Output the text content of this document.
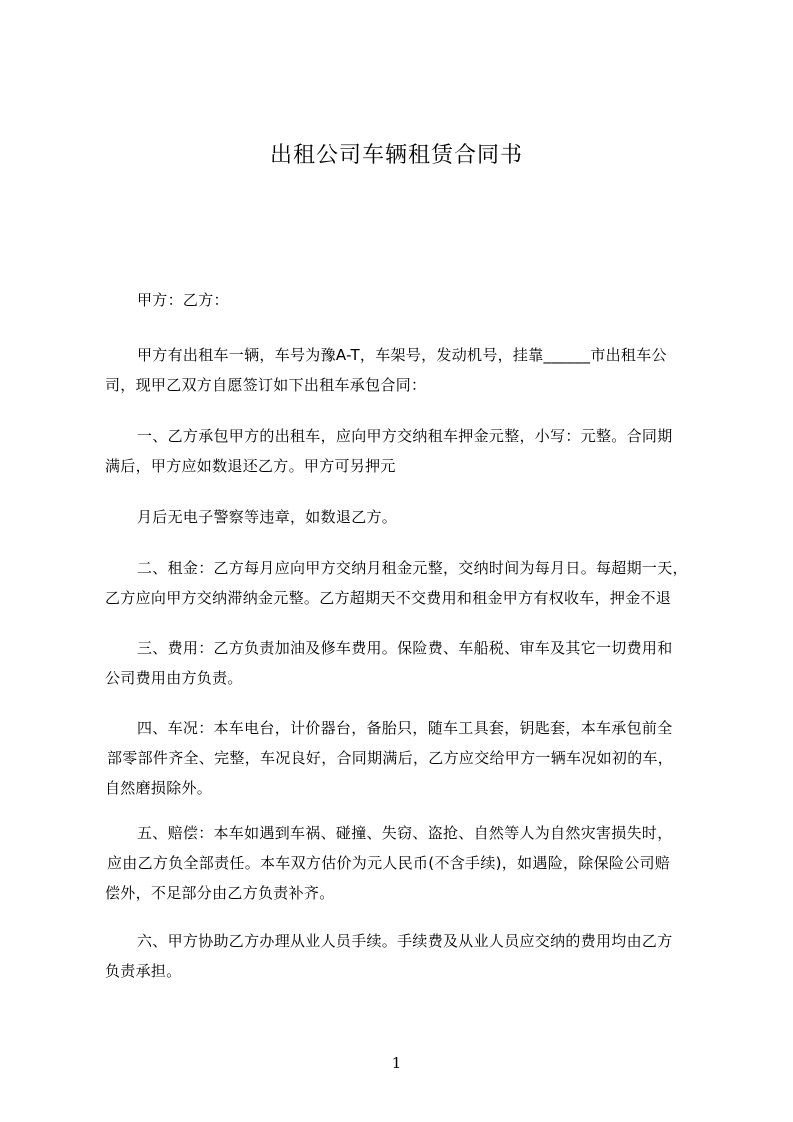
出租公司车辆租赁合同书

甲方：乙方：

甲方有出租车一辆，车号为豫A-T，车架号，发动机号，挂靠______市出租车公
司，现甲乙双方自愿签订如下出租车承包合同：

一、乙方承包甲方的出租车，应向甲方交纳租车押金元整，小写：元整。合同期
满后，甲方应如数退还乙方。甲方可另押元

月后无电子警察等违章，如数退乙方。

二、租金：乙方每月应向甲方交纳月租金元整，交纳时间为每月日。每超期一天，
乙方应向甲方交纳滞纳金元整。乙方超期天不交费用和租金甲方有权收车，押金不退

三、费用：乙方负责加油及修车费用。保险费、车船税、审车及其它一切费用和
公司费用由方负责。

四、车况：本车电台，计价器台，备胎只，随车工具套，钥匙套，本车承包前全
部零部件齐全、完整，车况良好，合同期满后，乙方应交给甲方一辆车况如初的车，
自然磨损除外。

五、赔偿：本车如遇到车祸、碰撞、失窃、盗抢、自然等人为自然灾害损失时，
应由乙方负全部责任。本车双方估价为元人民币(不含手续)，如遇险，除保险公司赔
偿外，不足部分由乙方负责补齐。

六、甲方协助乙方办理从业人员手续。手续费及从业人员应交纳的费用均由乙方
负责承担。

1
